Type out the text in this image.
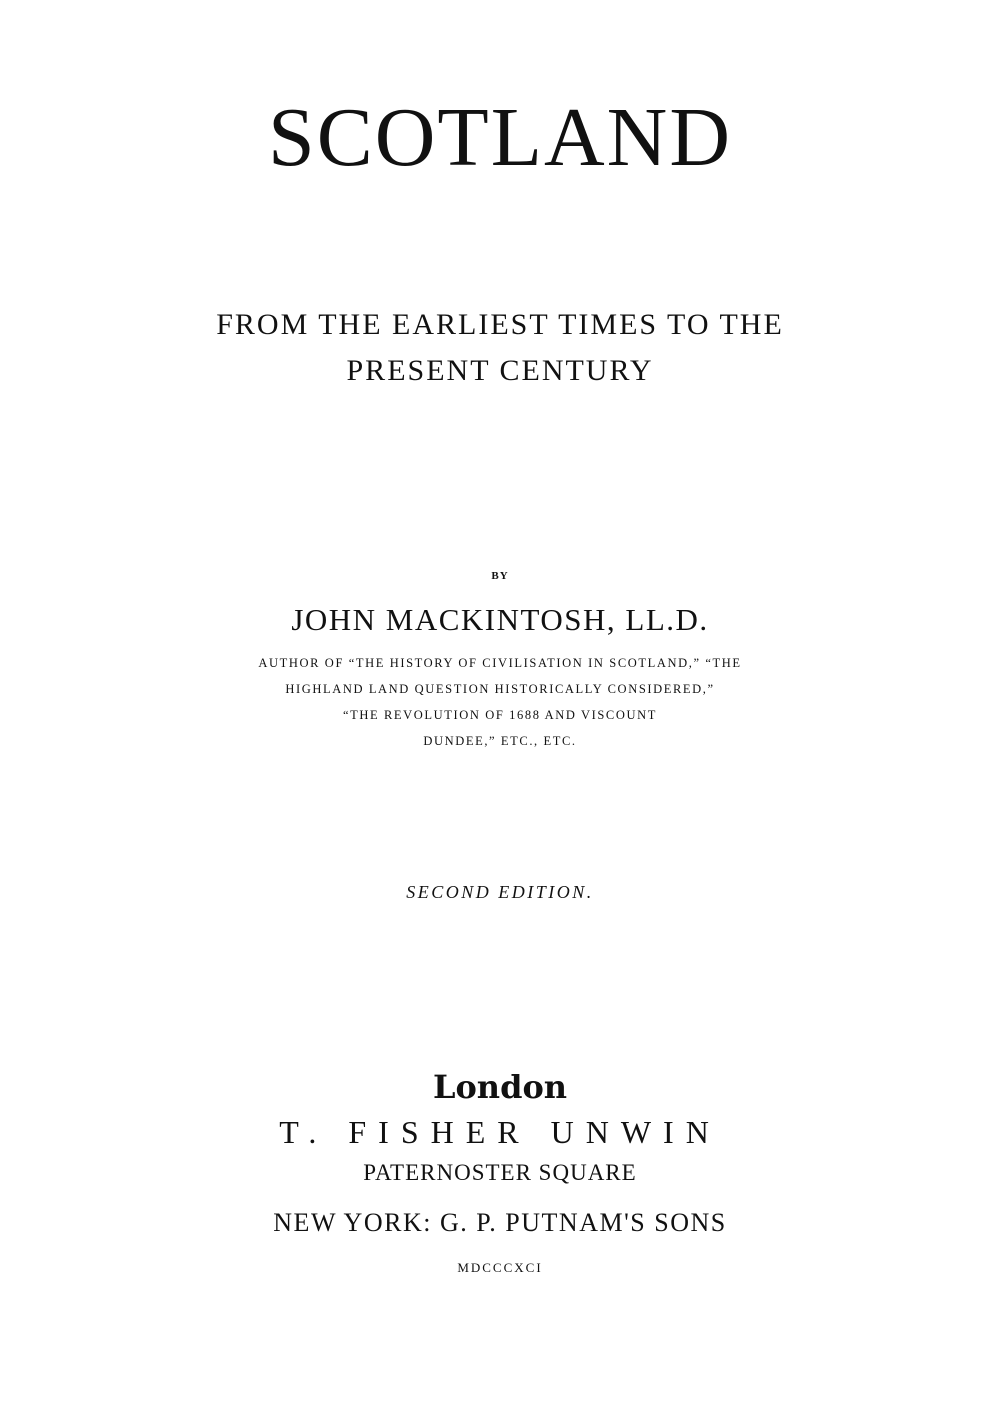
SCOTLAND
FROM THE EARLIEST TIMES TO THE
PRESENT CENTURY
BY
JOHN MACKINTOSH, LL.D.
AUTHOR OF “THE HISTORY OF CIVILISATION IN SCOTLAND,” “THE
HIGHLAND LAND QUESTION HISTORICALLY CONSIDERED,”
“THE REVOLUTION OF 1688 AND VISCOUNT
DUNDEE,” ETC., ETC.
SECOND EDITION.
London
T. FISHER UNWIN
PATERNOSTER SQUARE
NEW YORK: G. P. PUTNAM'S SONS
MDCCCXCI
